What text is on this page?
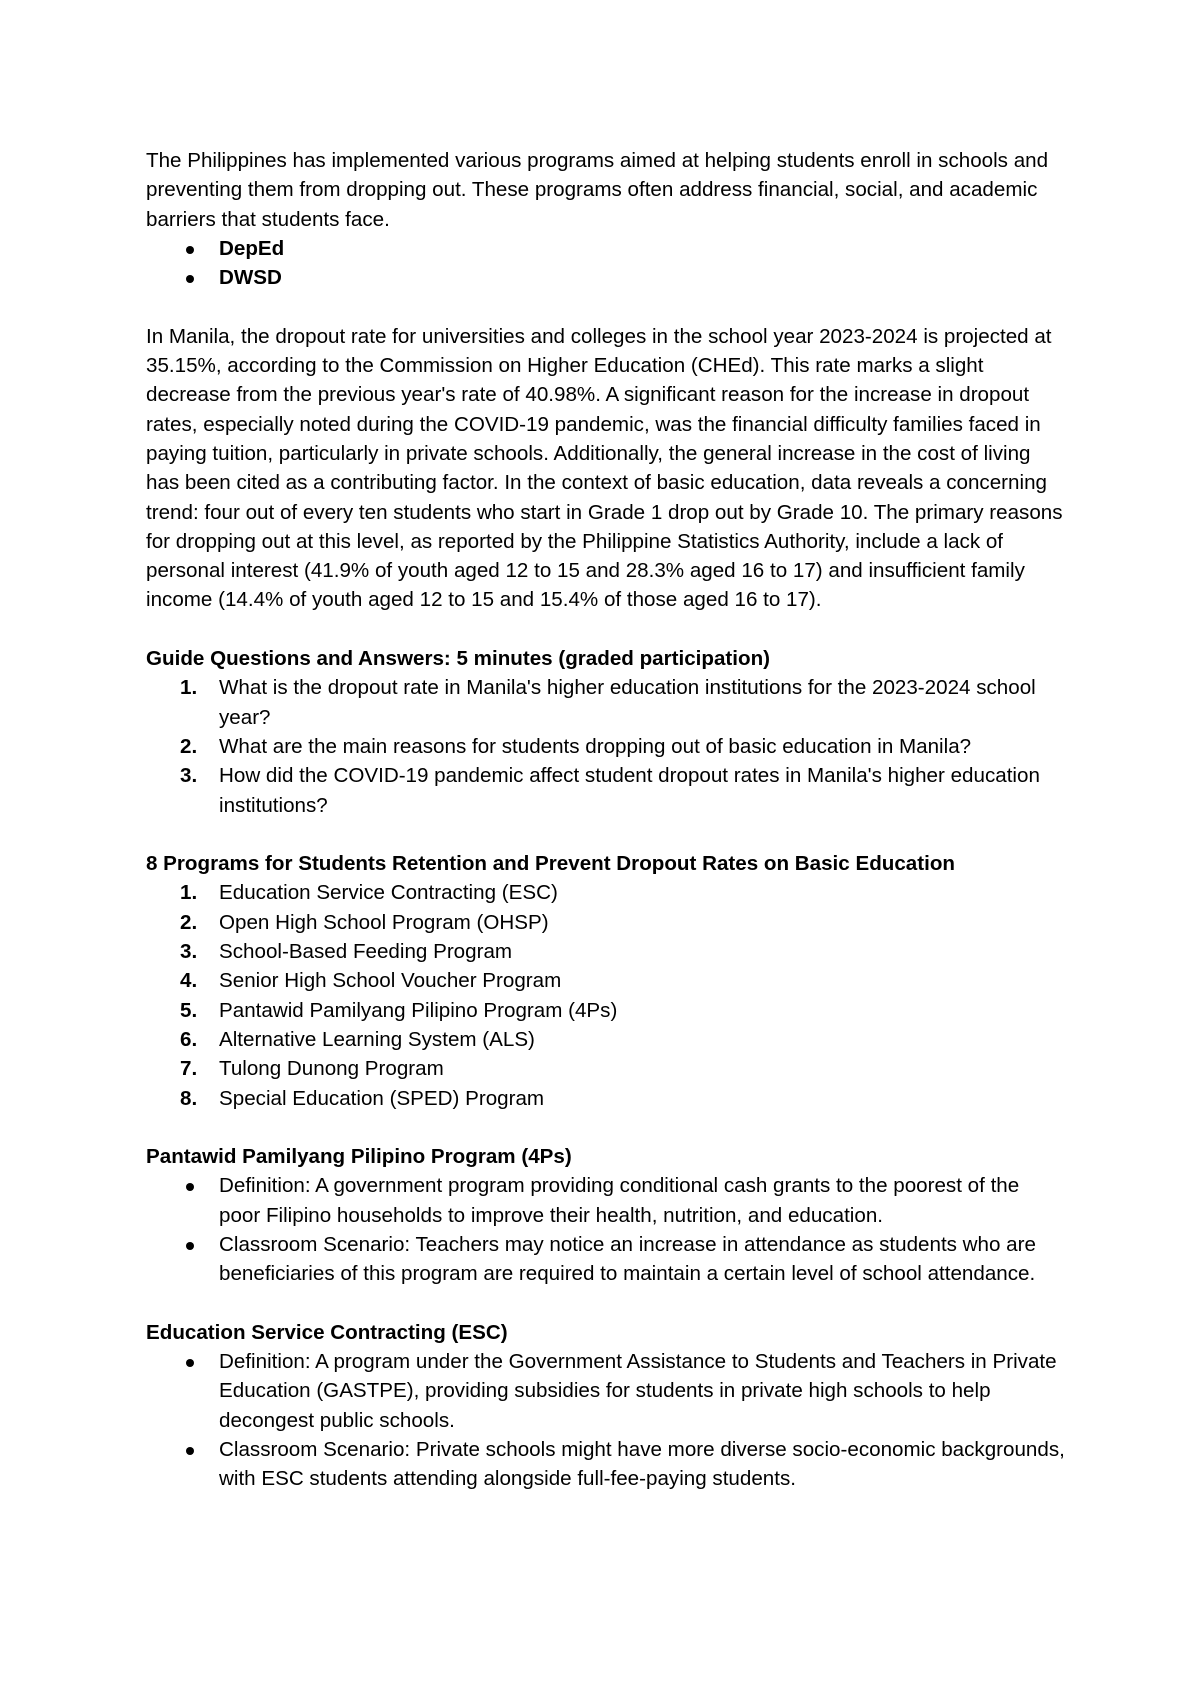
The Philippines has implemented various programs aimed at helping students enroll in schools and preventing them from dropping out. These programs often address financial, social, and academic barriers that students face.

DepEd
DWSD

In Manila, the dropout rate for universities and colleges in the school year 2023-2024 is projected at 35.15%, according to the Commission on Higher Education (CHEd). This rate marks a slight decrease from the previous year's rate of 40.98%. A significant reason for the increase in dropout rates, especially noted during the COVID-19 pandemic, was the financial difficulty families faced in paying tuition, particularly in private schools. Additionally, the general increase in the cost of living has been cited as a contributing factor. In the context of basic education, data reveals a concerning trend: four out of every ten students who start in Grade 1 drop out by Grade 10. The primary reasons for dropping out at this level, as reported by the Philippine Statistics Authority, include a lack of personal interest (41.9% of youth aged 12 to 15 and 28.3% aged 16 to 17) and insufficient family income (14.4% of youth aged 12 to 15 and 15.4% of those aged 16 to 17).

Guide Questions and Answers: 5 minutes (graded participation)

1. What is the dropout rate in Manila's higher education institutions for the 2023-2024 school year?
2. What are the main reasons for students dropping out of basic education in Manila?
3. How did the COVID-19 pandemic affect student dropout rates in Manila's higher education institutions?

8 Programs for Students Retention and Prevent Dropout Rates on Basic Education

1. Education Service Contracting (ESC)
2. Open High School Program (OHSP)
3. School-Based Feeding Program
4. Senior High School Voucher Program
5. Pantawid Pamilyang Pilipino Program (4Ps)
6. Alternative Learning System (ALS)
7. Tulong Dunong Program
8. Special Education (SPED) Program

Pantawid Pamilyang Pilipino Program (4Ps)

Definition: A government program providing conditional cash grants to the poorest of the poor Filipino households to improve their health, nutrition, and education.
Classroom Scenario: Teachers may notice an increase in attendance as students who are beneficiaries of this program are required to maintain a certain level of school attendance.

Education Service Contracting (ESC)

Definition: A program under the Government Assistance to Students and Teachers in Private Education (GASTPE), providing subsidies for students in private high schools to help decongest public schools.
Classroom Scenario: Private schools might have more diverse socio-economic backgrounds, with ESC students attending alongside full-fee-paying students.
